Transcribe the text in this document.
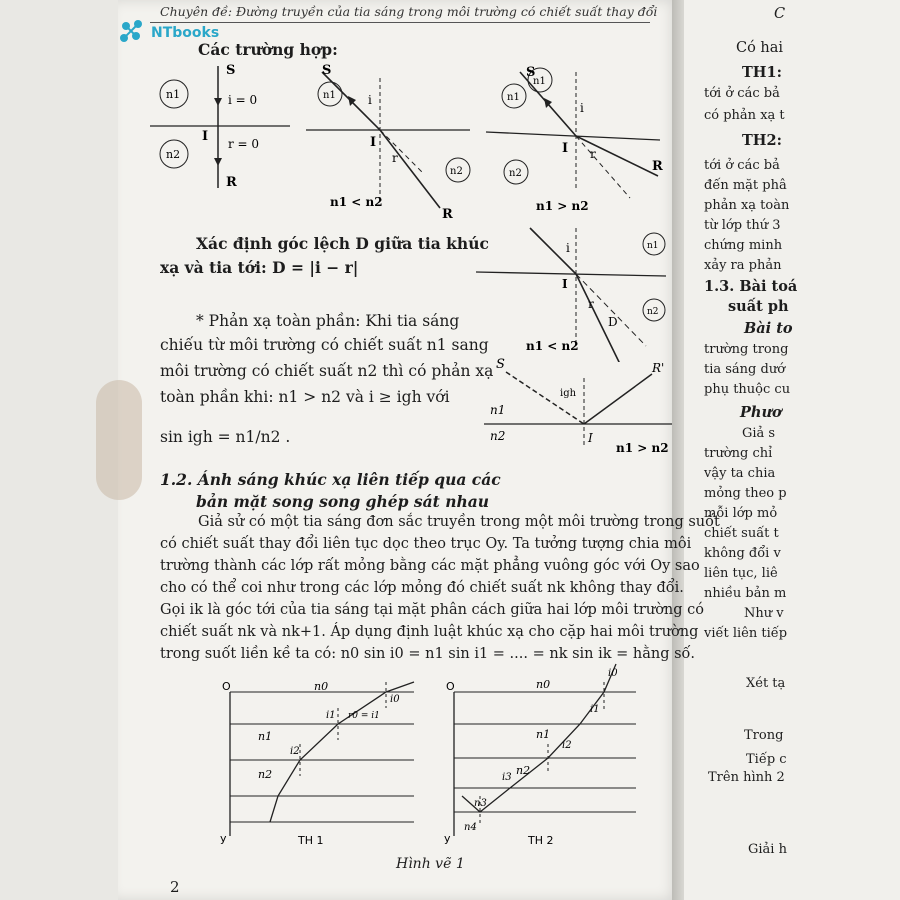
Chuyên đề: Đường truyền của tia sáng trong môi trường có chiết suất thay đổi
NTbooks
Các trường hợp:
n1
n2
S
i = 0
I r = 0
R
S
i
I
r
n1
n2
R
n1 < n2
S
n1
n1
i
I r
n2	R
n1 > n2
Xác định góc lệch D giữa tia khúc
xạ và tia tới: D = |i − r|
i
I
r
D
n1
n2
n1 < n2
* Phản xạ toàn phần: Khi tia sáng
chiếu từ môi trường có chiết suất n1 sang
môi trường có chiết suất n2 thì có phản xạ
toàn phần khi: n1 > n2 và i ≥ igh với
sin igh = n1/n2 .
S	R'
igh
n1
n2	I
n1 > n2
1.2. Ánh sáng khúc xạ liên tiếp qua các
bản mặt song song ghép sát nhau
Giả sử có một tia sáng đơn sắc truyền trong một môi trường trong suốt
có chiết suất thay đổi liên tục dọc theo trục Oy. Ta tưởng tượng chia môi
trường thành các lớp rất mỏng bằng các mặt phẳng vuông góc với Oy sao
cho có thể coi như trong các lớp mỏng đó chiết suất nk không thay đổi.
Gọi ik là góc tới của tia sáng tại mặt phân cách giữa hai lớp môi trường có
chiết suất nk và nk+1. Áp dụng định luật khúc xạ cho cặp hai môi trường
trong suốt liền kề ta có: n0 sin i0 = n1 sin i1 = .... = nk sin ik = hằng số.
O
y
n0
n1
n2
i0
i1 r0 = i1
i2
TH 1
O
y
n0
n1
n2
n3
n4
i0
i1
i2
i3
TH 2
Hình vẽ 1
2
C
Có hai
TH1:
tới ở các bả
có phản xạ t
TH2:
tới ở các bả
đến mặt phâ
phản xạ toàn
từ lớp thứ 3
chứng minh
xảy ra phản
1.3. Bài toá
suất ph
Bài to
trường trong
tia sáng dướ
phụ thuộc cu
Phươ
Giả s
trường chỉ
vậy ta chia
mỏng theo p
mỗi lớp mỏ
chiết suất t
không đổi v
liên tục, liê
nhiều bản m
Như v
viết liên tiếp
Xét tạ
Trong
Tiếp c
Trên hình 2
Giải h
